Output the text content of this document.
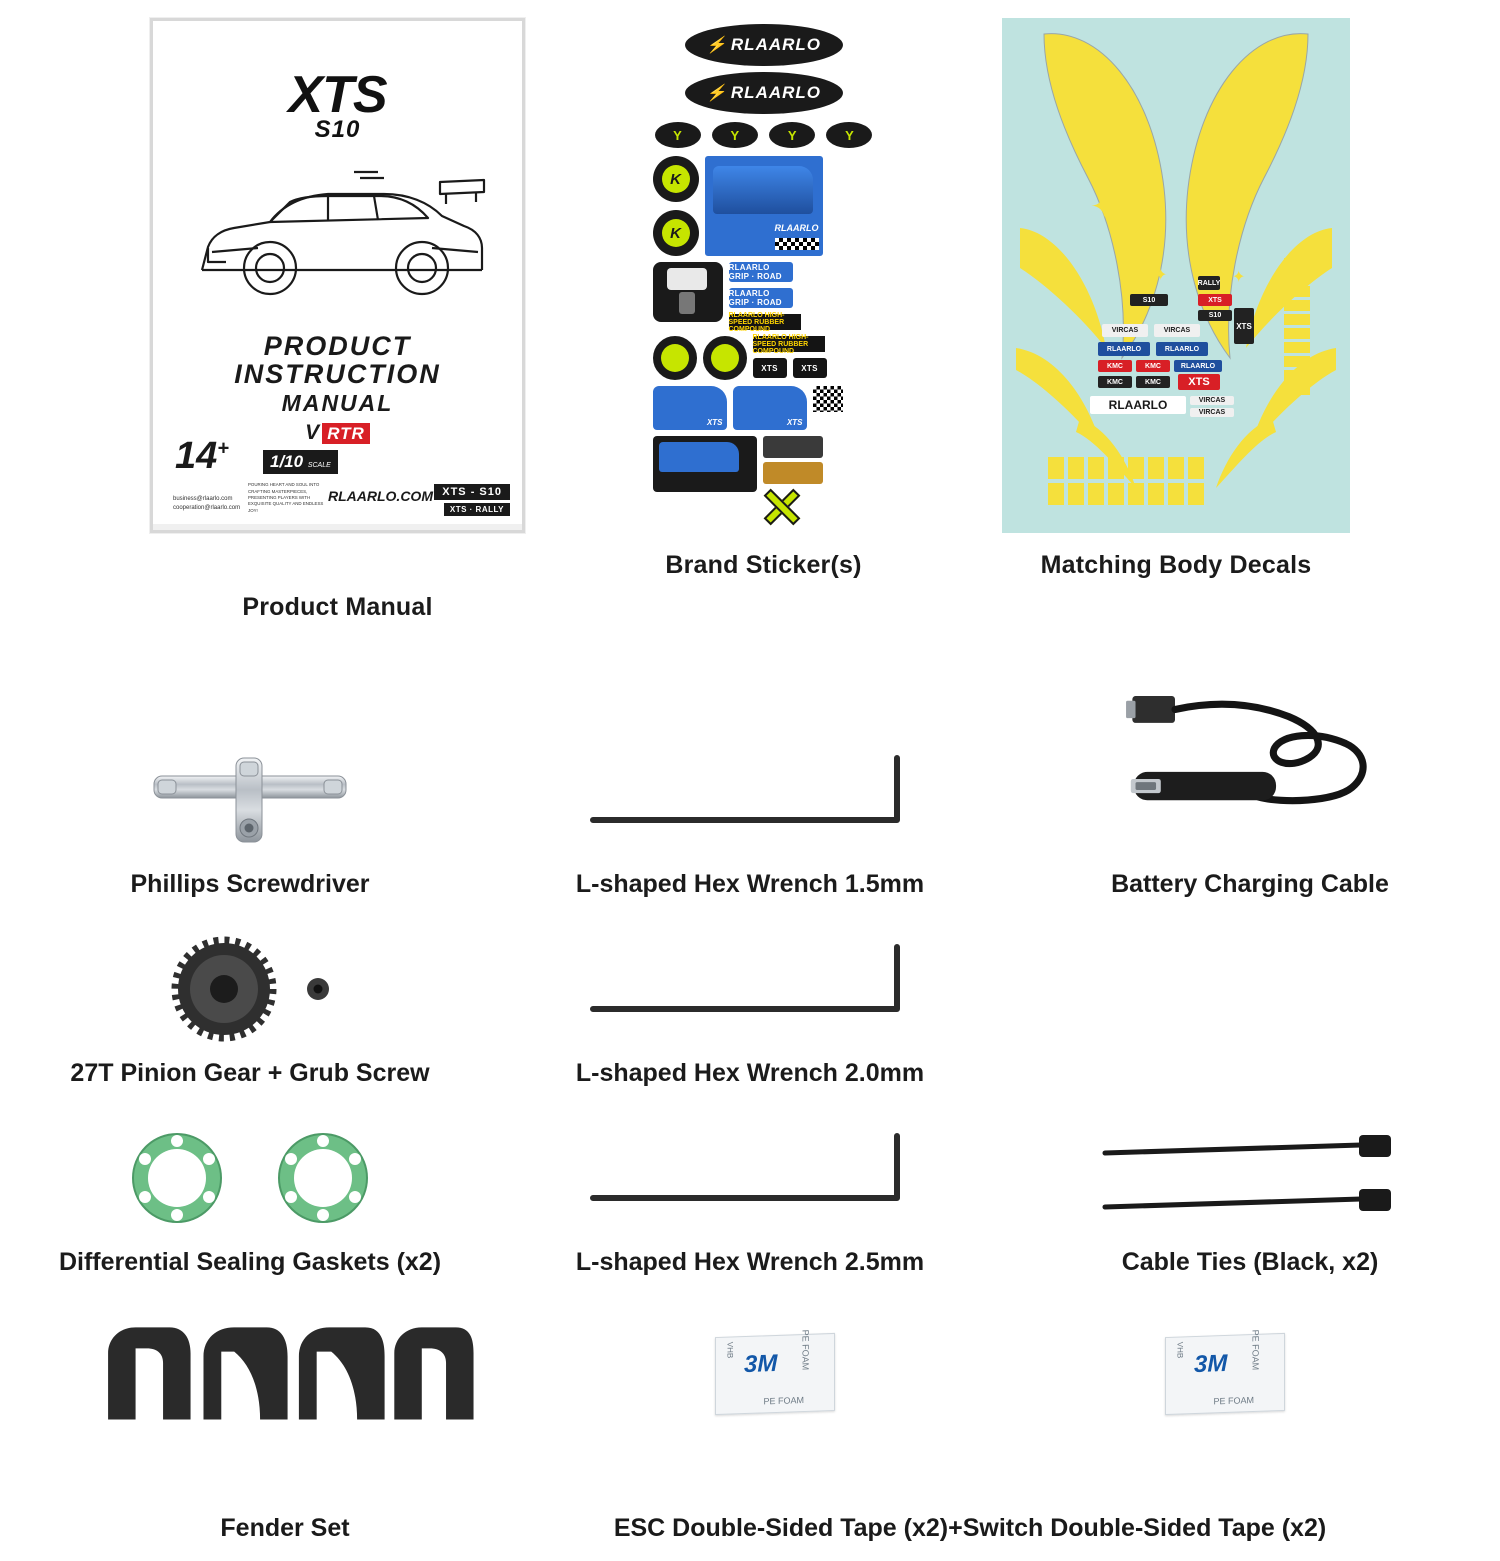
XTS
S10
PRODUCT
INSTRUCTION
MANUAL
V RTR
14+
1/10 SCALE
business@rlaarlo.com
cooperation@rlaarlo.com
POURING HEART AND SOUL INTO CRAFTING MASTERPIECES, PRESENTING PLAYERS WITH EXQUISITE QUALITY AND ENDLESS JOY!
RLAARLO.COM XTS - S10
XTS · RALLY
Product Manual
⚡ RLAARLO
⚡ RLAARLO
Y	Y	Y	Y
K
K
RLAARLO
RLAARLO GRIP · ROAD
RLAARLO GRIP · ROAD
RLAARLO HIGH-SPEED RUBBER COMPOUND
RLAARLO HIGH-SPEED RUBBER COMPOUND
XTS	XTS
XTS
XTS
Brand Sticker(s)
✦
✦
✦
✦
✦	✦
S10	XTS
S10
VIRCAS	VIRCAS
RLAARLO	RLAARLO
KMC	KMC	RLAARLO
KMC	KMC	XTS
RLAARLO	VIRCAS
VIRCAS
XTS
RALLY
Matching Body Decals
Phillips Screwdriver	L-shaped Hex Wrench 1.5mm	Battery Charging Cable
27T Pinion Gear + Grub Screw	L-shaped Hex Wrench 2.0mm
Differential Sealing Gaskets (x2)	L-shaped Hex Wrench 2.5mm	Cable Ties (Black, x2)
VHB 3M	PE FOAM
PE FOAM
VHB 3M	PE FOAM
PE FOAM
Fender Set	ESC Double-Sided Tape (x2)+Switch Double-Sided Tape (x2)
